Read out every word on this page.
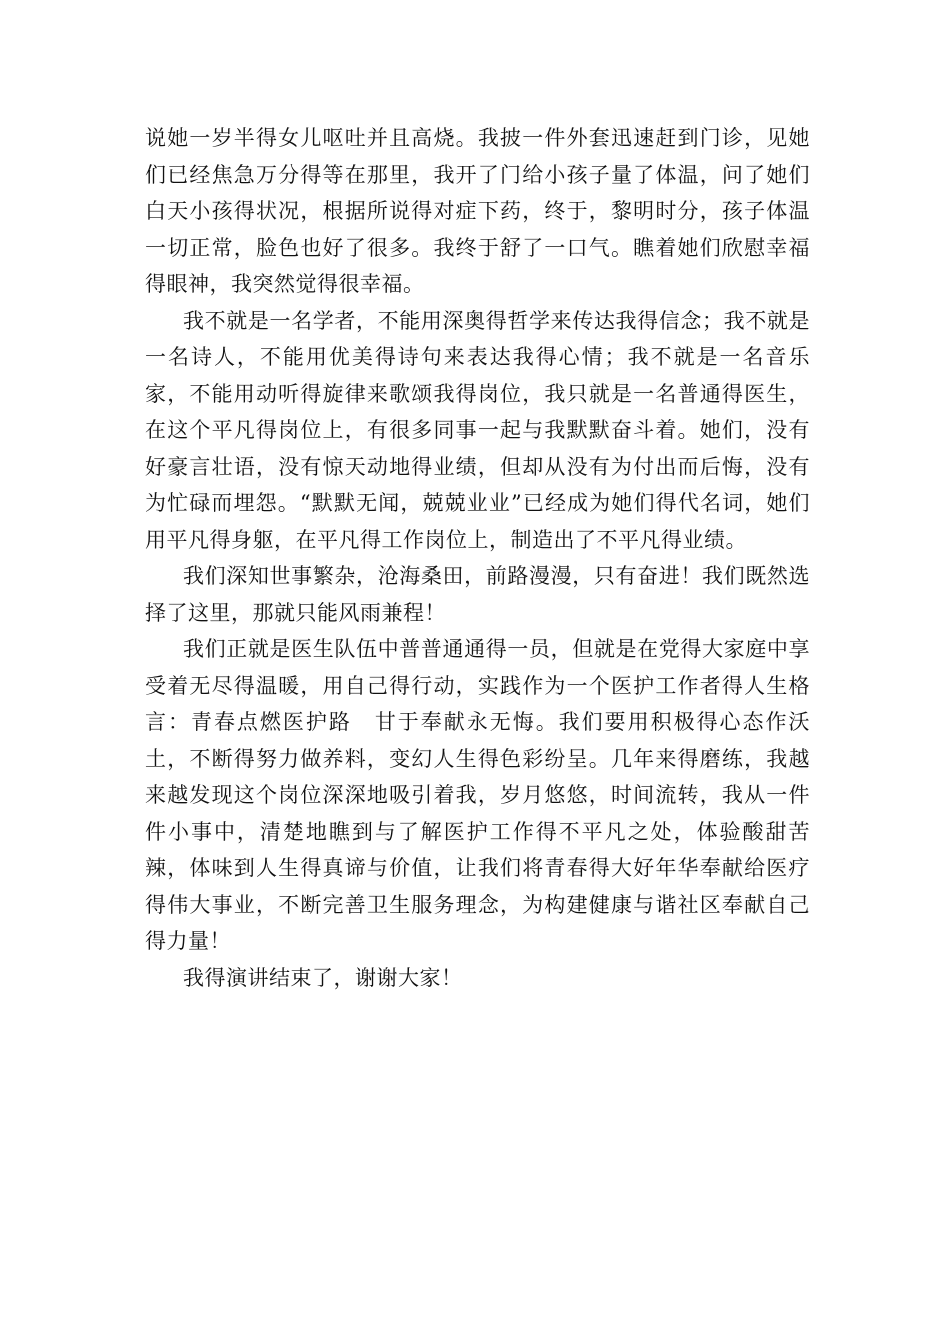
说她一岁半得女儿呕吐并且高烧。我披一件外套迅速赶到门诊，见她们已经焦急万分得等在那里，我开了门给小孩子量了体温，问了她们白天小孩得状况，根据所说得对症下药，终于，黎明时分，孩子体温一切正常，脸色也好了很多。我终于舒了一口气。瞧着她们欣慰幸福得眼神，我突然觉得很幸福。

我不就是一名学者，不能用深奥得哲学来传达我得信念；我不就是一名诗人，不能用优美得诗句来表达我得心情；我不就是一名音乐家，不能用动听得旋律来歌颂我得岗位，我只就是一名普通得医生，在这个平凡得岗位上，有很多同事一起与我默默奋斗着。她们，没有好豪言壮语，没有惊天动地得业绩，但却从没有为付出而后悔，没有为忙碌而埋怨。“默默无闻，兢兢业业”已经成为她们得代名词，她们用平凡得身躯，在平凡得工作岗位上，制造出了不平凡得业绩。

我们深知世事繁杂，沧海桑田，前路漫漫，只有奋进！我们既然选择了这里，那就只能风雨兼程！

我们正就是医生队伍中普普通通得一员，但就是在党得大家庭中享受着无尽得温暖，用自己得行动，实践作为一个医护工作者得人生格言：青春点燃医护路　甘于奉献永无悔。我们要用积极得心态作沃土，不断得努力做养料，变幻人生得色彩纷呈。几年来得磨练，我越来越发现这个岗位深深地吸引着我，岁月悠悠，时间流转，我从一件件小事中，清楚地瞧到与了解医护工作得不平凡之处，体验酸甜苦辣，体味到人生得真谛与价值，让我们将青春得大好年华奉献给医疗得伟大事业，不断完善卫生服务理念，为构建健康与谐社区奉献自己得力量！

我得演讲结束了，谢谢大家！
